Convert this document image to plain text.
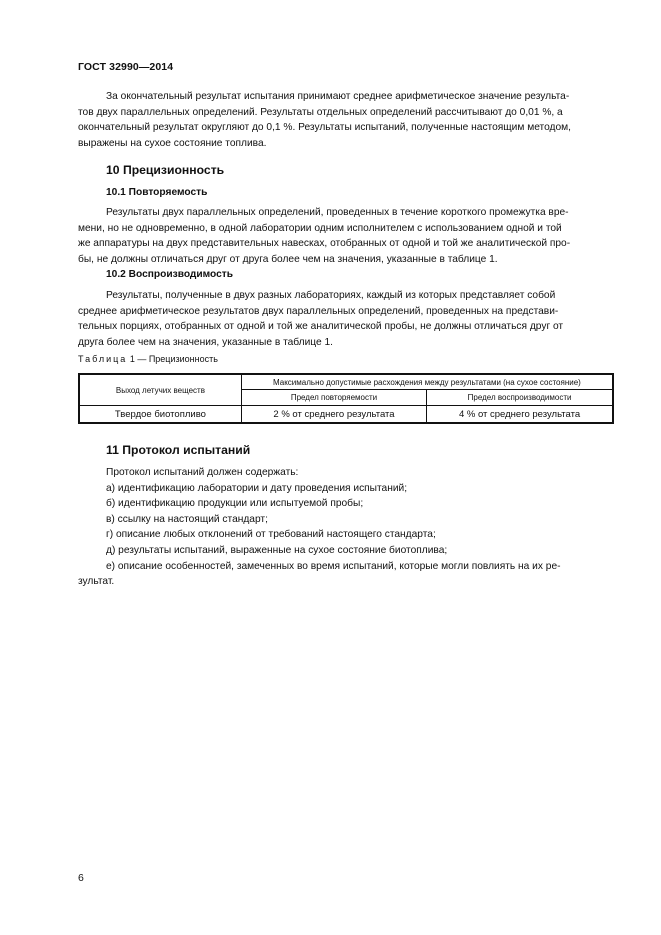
ГОСТ 32990—2014

За окончательный результат испытания принимают среднее арифметическое значение результа-
тов двух параллельных определений. Результаты отдельных определений рассчитывают до 0,01 %, а
окончательный результат округляют до 0,1 %. Результаты испытаний, полученные настоящим методом,
выражены на сухое состояние топлива.

10 Прецизионность
10.1 Повторяемость

Результаты двух параллельных определений, проведенных в течение короткого промежутка вре-
мени, но не одновременно, в одной лаборатории одним исполнителем с использованием одной и той
же аппаратуры на двух представительных навесках, отобранных от одной и той же аналитической про-
бы, не должны отличаться друг от друга более чем на значения, указанные в таблице 1.

10.2 Воспроизводимость

Результаты, полученные в двух разных лабораториях, каждый из которых представляет собой
среднее арифметическое результатов двух параллельных определений, проведенных на представи-
тельных порциях, отобранных от одной и той же аналитической пробы, не должны отличаться друг от
друга более чем на значения, указанные в таблице 1.

Таблица 1 — Прецизионность
Выход летучих веществ	Максимально допустимые расхождения между результатами (на сухое состояние)	
	Предел повторяемости	Предел воспроизводимости
Твердое биотопливо	2 % от среднего результата	4 % от среднего результата
11 Протокол испытаний

Протокол испытаний должен содержать:

а) идентификацию лаборатории и дату проведения испытаний;

б) идентификацию продукции или испытуемой пробы;

в) ссылку на настоящий стандарт;

г) описание любых отклонений от требований настоящего стандарта;

д) результаты испытаний, выраженные на сухое состояние биотоплива;

е) описание особенностей, замеченных во время испытаний, которые могли повлиять на их ре-

зультат.

6
